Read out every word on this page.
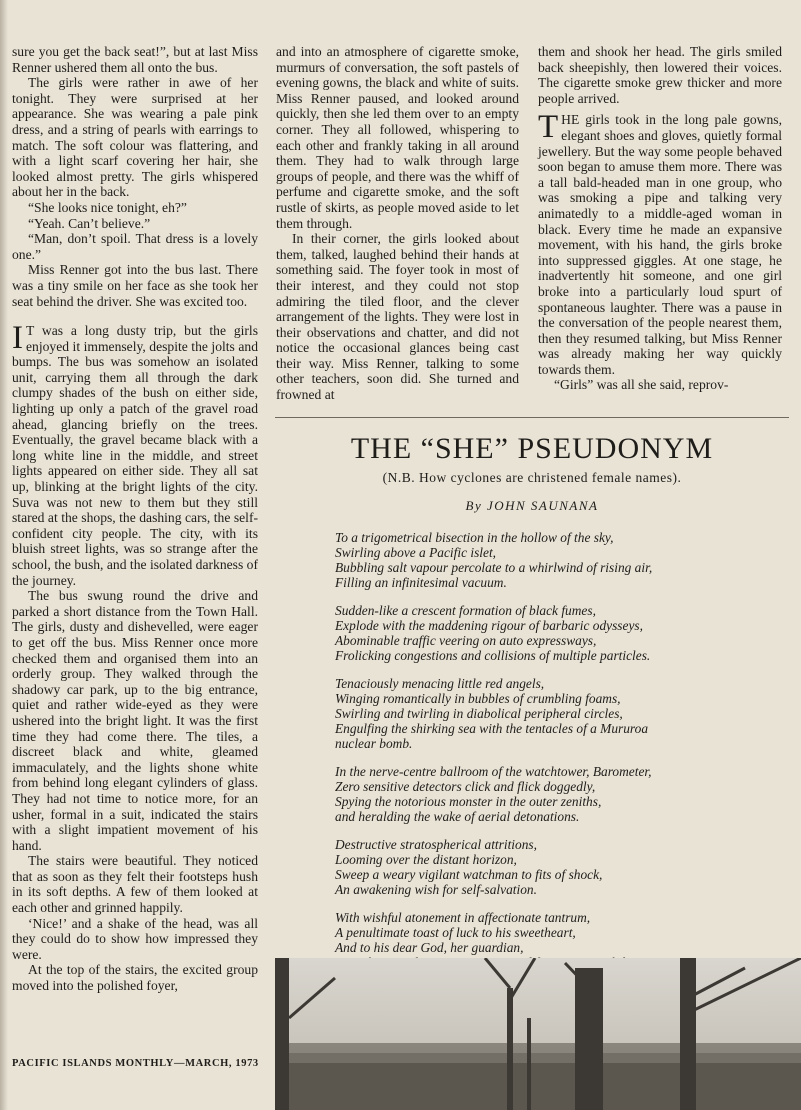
sure you get the back seat!”, but at last Miss Renner ushered them all onto the bus.

The girls were rather in awe of her tonight. They were surprised at her appearance. She was wearing a pale pink dress, and a string of pearls with earrings to match. The soft colour was flattering, and with a light scarf covering her hair, she looked almost pretty. The girls whispered about her in the back.

“She looks nice tonight, eh?”

“Yeah. Can’t believe.”

“Man, don’t spoil. That dress is a lovely one.”

Miss Renner got into the bus last. There was a tiny smile on her face as she took her seat behind the driver. She was excited too.

I T was a long dusty trip, but the girls enjoyed it immensely, despite the jolts and bumps. The bus was somehow an isolated unit, carrying them all through the dark clumpy shades of the bush on either side, lighting up only a patch of the gravel road ahead, glancing briefly on the trees. Eventually, the gravel became black with a long white line in the middle, and street lights appeared on either side. They all sat up, blinking at the bright lights of the city. Suva was not new to them but they still stared at the shops, the dashing cars, the self-confident city people. The city, with its bluish street lights, was so strange after the school, the bush, and the isolated darkness of the journey.

The bus swung round the drive and parked a short distance from the Town Hall. The girls, dusty and dishevelled, were eager to get off the bus. Miss Renner once more checked them and organised them into an orderly group. They walked through the shadowy car park, up to the big entrance, quiet and rather wide-eyed as they were ushered into the bright light. It was the first time they had come there. The tiles, a discreet black and white, gleamed immaculately, and the lights shone white from behind long elegant cylinders of glass. They had not time to notice more, for an usher, formal in a suit, indicated the stairs with a slight impatient movement of his hand.

The stairs were beautiful. They noticed that as soon as they felt their footsteps hush in its soft depths. A few of them looked at each other and grinned happily.

‘Nice!’ and a shake of the head, was all they could do to show how impressed they were.

At the top of the stairs, the excited group moved into the polished foyer,

and into an atmosphere of cigarette smoke, murmurs of conversation, the soft pastels of evening gowns, the black and white of suits. Miss Renner paused, and looked around quickly, then she led them over to an empty corner. They all followed, whispering to each other and frankly taking in all around them. They had to walk through large groups of people, and there was the whiff of perfume and cigarette smoke, and the soft rustle of skirts, as people moved aside to let them through.

In their corner, the girls looked about them, talked, laughed behind their hands at something said. The foyer took in most of their interest, and they could not stop admiring the tiled floor, and the clever arrangement of the lights. They were lost in their observations and chatter, and did not notice the occasional glances being cast their way. Miss Renner, talking to some other teachers, soon did. She turned and frowned at

them and shook her head. The girls smiled back sheepishly, then lowered their voices. The cigarette smoke grew thicker and more people arrived.

THE girls took in the long pale gowns, elegant shoes and gloves, quietly formal jewellery. But the way some people behaved soon began to amuse them more. There was a tall bald-headed man in one group, who was smoking a pipe and talking very animatedly to a middle-aged woman in black. Every time he made an expansive movement, with his hand, the girls broke into suppressed giggles. At one stage, he inadvertently hit someone, and one girl broke into a particularly loud spurt of spontaneous laughter. There was a pause in the conversation of the people nearest them, then they resumed talking, but Miss Renner was already making her way quickly towards them.

“Girls” was all she said, reprov-

THE “SHE” PSEUDONYM
(N.B. How cyclones are christened female names).
By JOHN SAUNANA
To a trigometrical bisection in the hollow of the sky,
Swirling above a Pacific islet,
Bubbling salt vapour percolate to a whirlwind of rising air,
Filling an infinitesimal vacuum.
Sudden-like a crescent formation of black fumes,
Explode with the maddening rigour of barbaric odysseys,
Abominable traffic veering on auto expressways,
Frolicking congestions and collisions of multiple particles.
Tenaciously menacing little red angels,
Winging romantically in bubbles of crumbling foams,
Swirling and twirling in diabolical peripheral circles,
Engulfing the shirking sea with the tentacles of a Mururoa
nuclear bomb.
In the nerve-centre ballroom of the watchtower, Barometer,
Zero sensitive detectors click and flick doggedly,
Spying the notorious monster in the outer zeniths,
and heralding the wake of aerial detonations.
Destructive stratospherical attritions,
Looming over the distant horizon,
Sweep a weary vigilant watchman to fits of shock,
An awakening wish for self-salvation.
With wishful atonement in affectionate tantrum,
A penultimate toast of luck to his sweetheart,
And to his dear God, her guardian,
PACIFIC ISLANDS MONTHLY—MARCH, 1973
